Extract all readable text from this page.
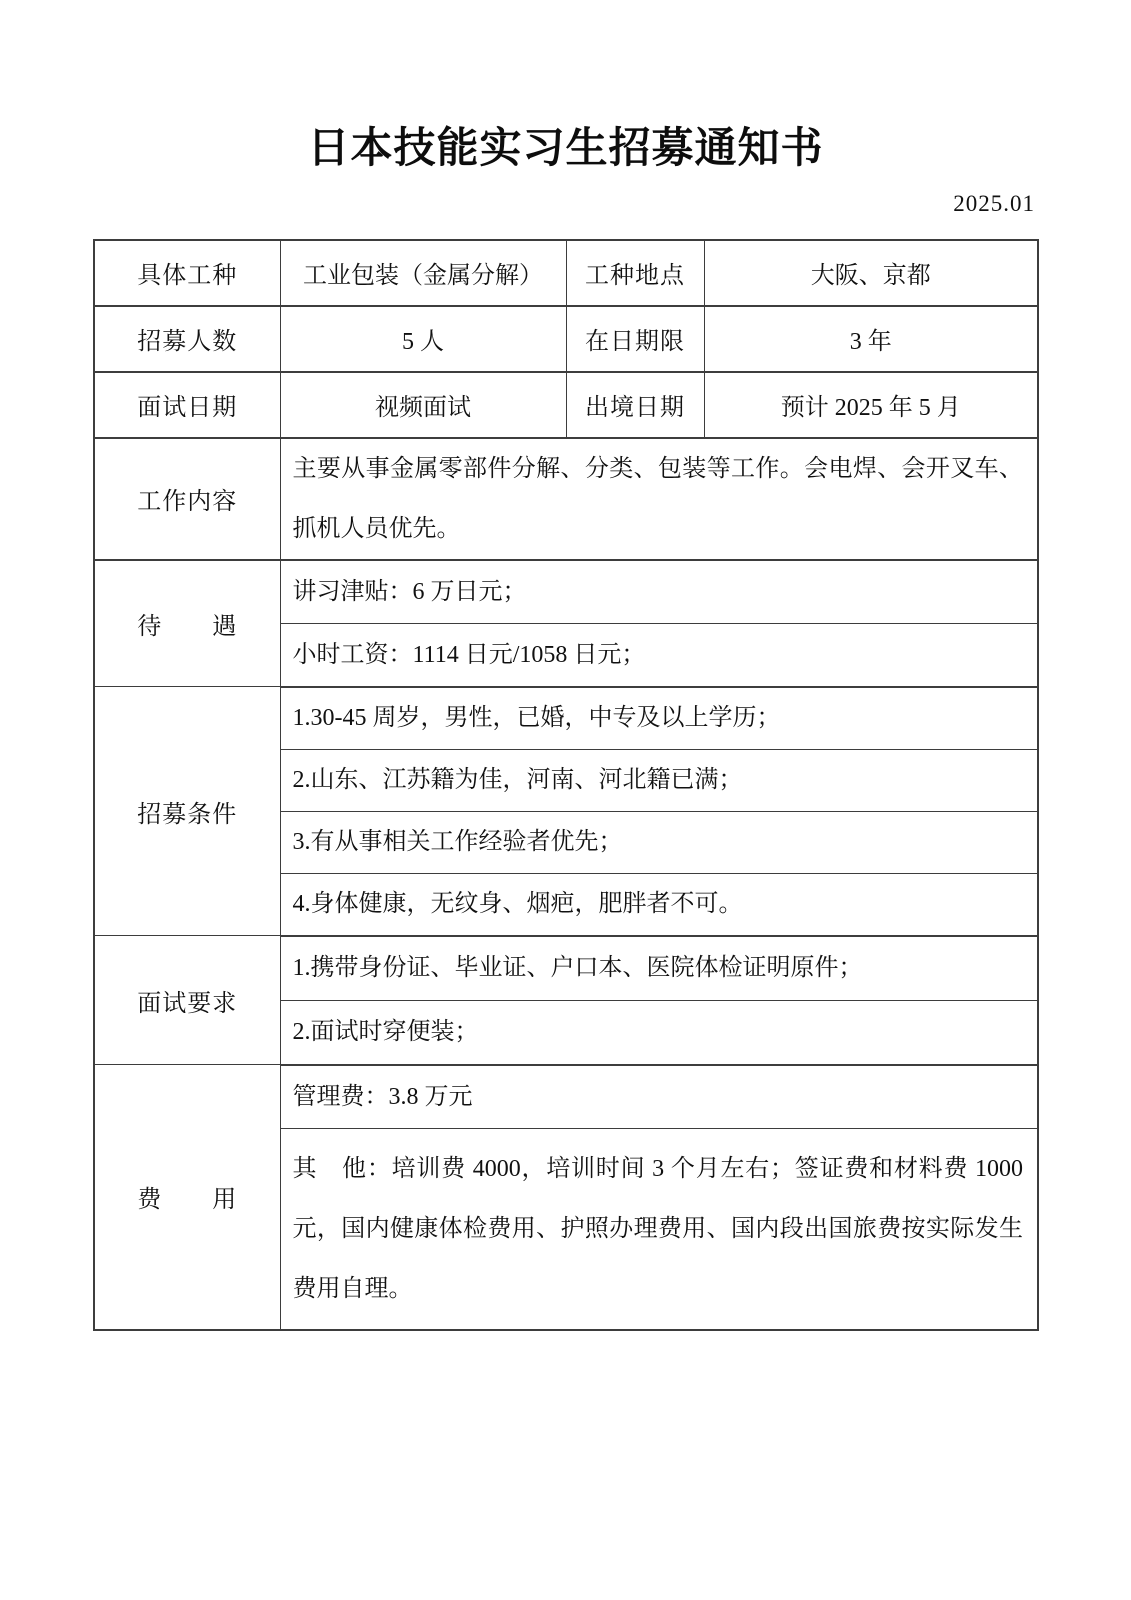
日本技能实习生招募通知书
2025.01
具体工种	工业包装（金属分解）	工种地点	大阪、京都
招募人数	5 人	在日期限	3 年
面试日期	视频面试	出境日期	预计 2025 年 5 月
工作内容	主要从事金属零部件分解、分类、包装等工作。会电焊、会开叉车、抓机人员优先。		
待　　遇	讲习津贴：6 万日元；		
	小时工资：1114 日元/1058 日元；		
招募条件	1.30-45 周岁，男性，已婚，中专及以上学历；		
	2.山东、江苏籍为佳，河南、河北籍已满；		
	3.有从事相关工作经验者优先；		
	4.身体健康，无纹身、烟疤，肥胖者不可。		
面试要求	1.携带身份证、毕业证、户口本、医院体检证明原件；		
	2.面试时穿便装；		
费　　用	管理费：3.8 万元		
	其　他：培训费 4000，培训时间 3 个月左右；签证费和材料费 1000 元，国内健康体检费用、护照办理费用、国内段出国旅费按实际发生费用自理。		
